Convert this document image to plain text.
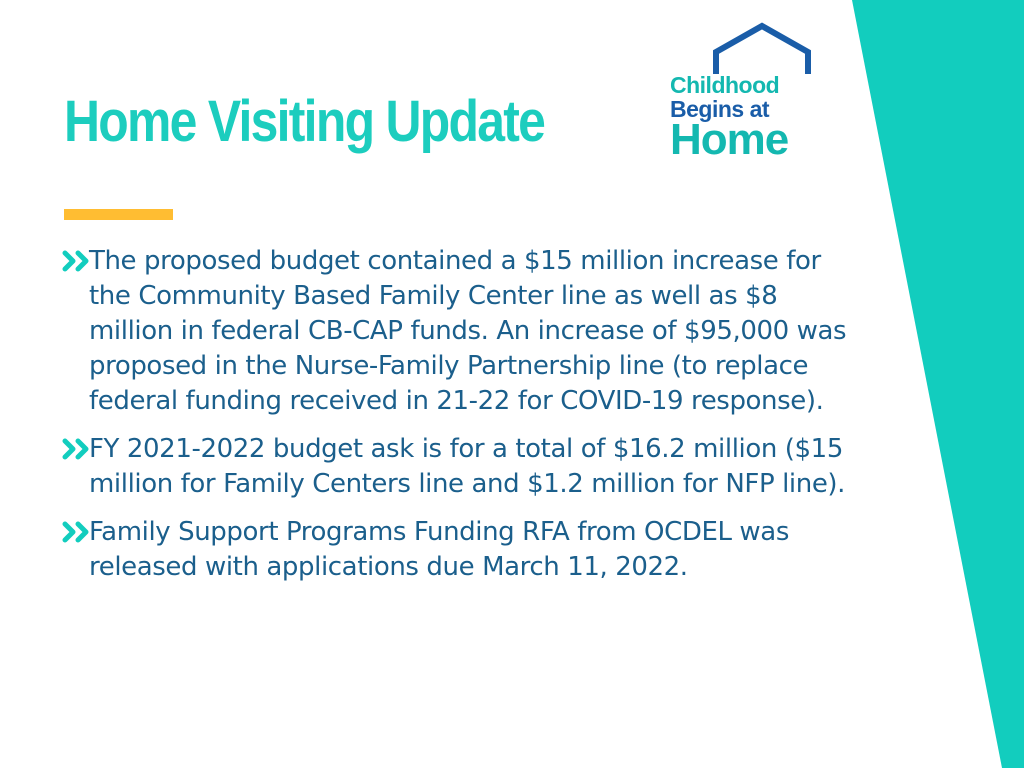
Home Visiting Update
Childhood
Begins at
Home
The proposed budget contained a $15 million increase for the Community Based Family Center line as well as $8 million in federal CB-CAP funds. An increase of $95,000 was proposed in the Nurse-Family Partnership line (to replace federal funding received in 21-22 for COVID-19 response).
FY 2021-2022 budget ask is for a total of $16.2 million ($15 million for Family Centers line and $1.2 million for NFP line).
Family Support Programs Funding RFA from OCDEL was released with applications due March 11, 2022.
